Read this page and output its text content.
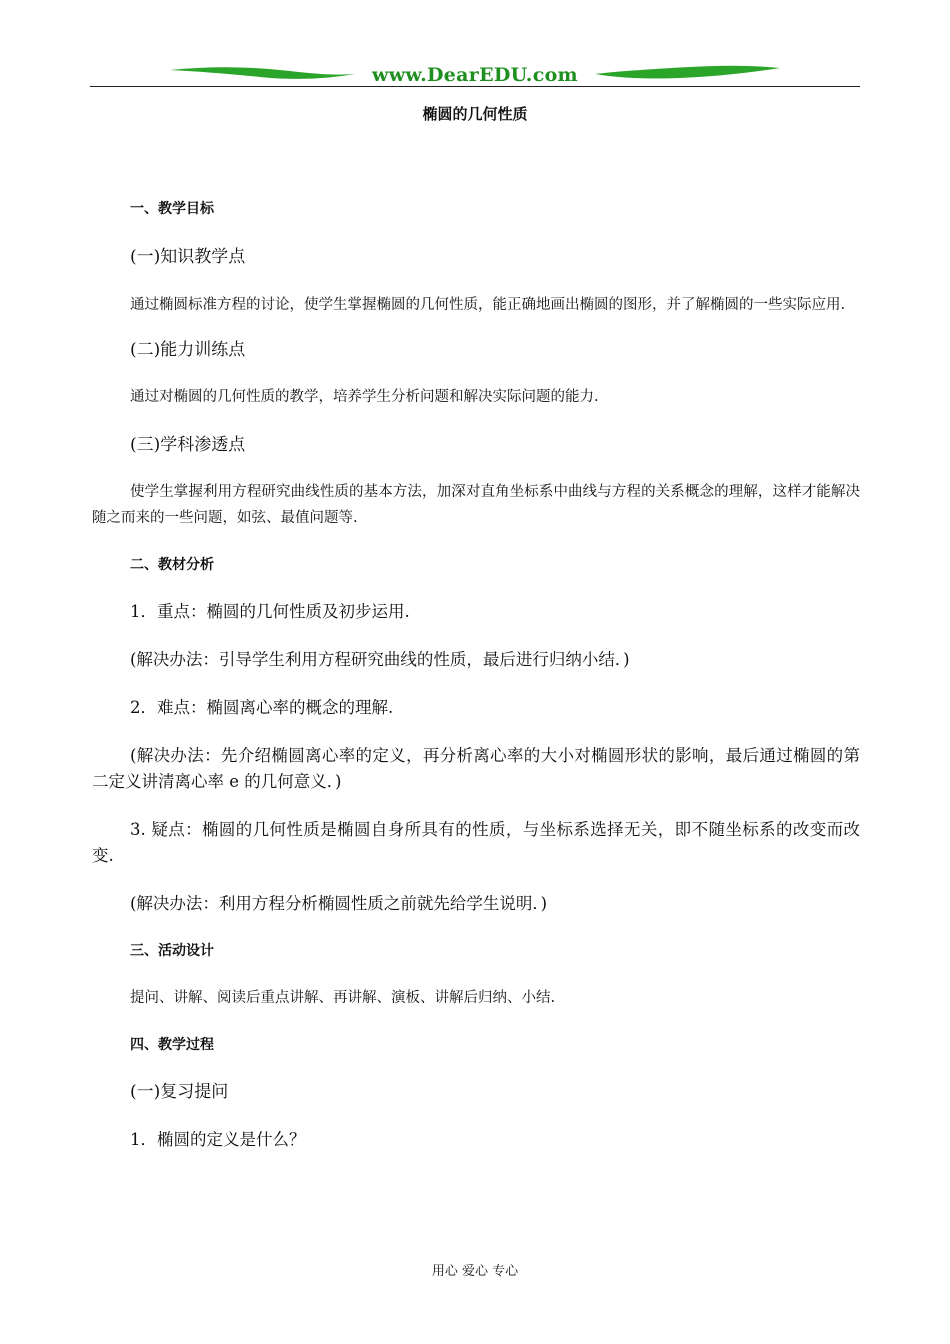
www.DearEDU.com
椭圆的几何性质

一、教学目标

(一)知识教学点

通过椭圆标准方程的讨论，使学生掌握椭圆的几何性质，能正确地画出椭圆的图形，并了解椭圆的一些实际应用.

(二)能力训练点

通过对椭圆的几何性质的教学，培养学生分析问题和解决实际问题的能力.

(三)学科渗透点

使学生掌握利用方程研究曲线性质的基本方法，加深对直角坐标系中曲线与方程的关系概念的理解，这样才能解决随之而来的一些问题，如弦、最值问题等.

二、教材分析

1．重点：椭圆的几何性质及初步运用.

(解决办法：引导学生利用方程研究曲线的性质，最后进行归纳小结．)

2．难点：椭圆离心率的概念的理解.

(解决办法：先介绍椭圆离心率的定义，再分析离心率的大小对椭圆形状的影响，最后通过椭圆的第二定义讲清离心率 e 的几何意义．)

3. 疑点：椭圆的几何性质是椭圆自身所具有的性质，与坐标系选择无关，即不随坐标系的改变而改变.

(解决办法：利用方程分析椭圆性质之前就先给学生说明．)

三、活动设计

提问、讲解、阅读后重点讲解、再讲解、演板、讲解后归纳、小结.

四、教学过程

(一)复习提问

1．椭圆的定义是什么？

用心 爱心 专心
